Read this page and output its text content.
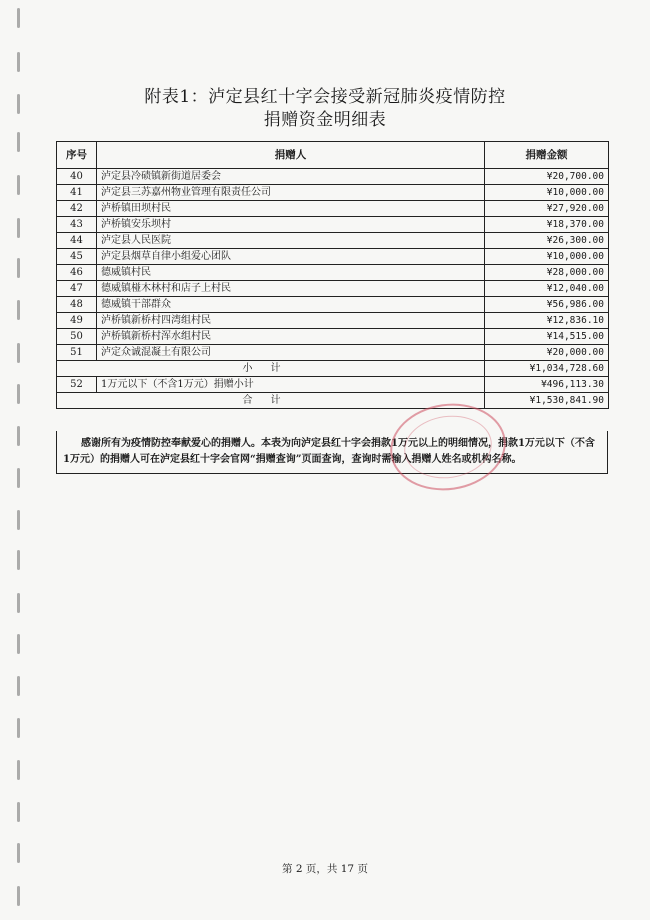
附表1：泸定县红十字会接受新冠肺炎疫情防控
捐赠资金明细表
序号	捐赠人	捐赠金额
40	泸定县冷碛镇新街道居委会	¥20,700.00
41	泸定县三苏嘉州物业管理有限责任公司	¥10,000.00
42	泸桥镇田坝村民	¥27,920.00
43	泸桥镇安乐坝村	¥18,370.00
44	泸定县人民医院	¥26,300.00
45	泸定县烟草自律小组爱心团队	¥10,000.00
46	德威镇村民	¥28,000.00
47	德威镇椪木林村和店子上村民	¥12,040.00
48	德威镇干部群众	¥56,986.00
49	泸桥镇新桥村四湾组村民	¥12,836.10
50	泸桥镇新桥村浑水组村民	¥14,515.00
51	泸定众诚混凝土有限公司	¥20,000.00
小计		¥1,034,728.60
52	1万元以下（不含1万元）捐赠小计	¥496,113.30
合计		¥1,530,841.90
感谢所有为疫情防控奉献爱心的捐赠人。本表为向泸定县红十字会捐款1万元以上的明细情况，捐款1万元以下（不含1万元）的捐赠人可在泸定县红十字会官网“捐赠查询”页面查询，查询时需输入捐赠人姓名或机构名称。
第 2 页，共 17 页
